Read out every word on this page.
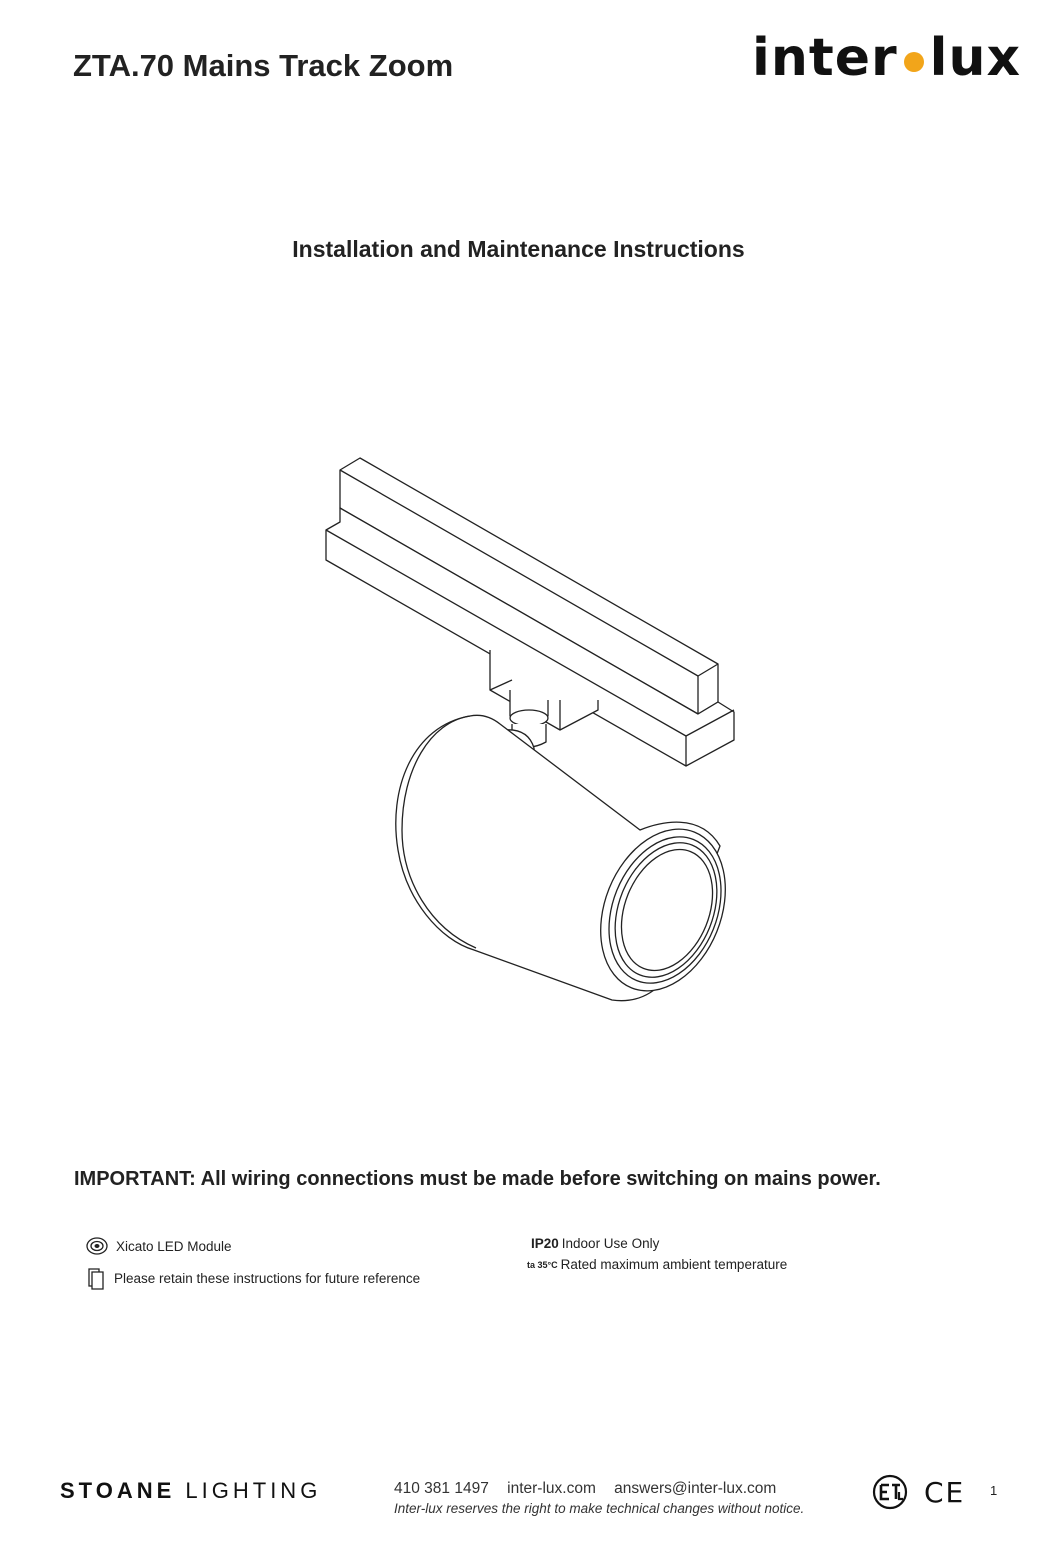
ZTA.70 Mains Track Zoom	inter lux
Installation and Maintenance Instructions
IMPORTANT: All wiring connections must be made before switching on mains power.
Xicato LED Module
Please retain these instructions for future reference
IP20 Indoor Use Only
ta 35°C Rated maximum ambient temperature
STOANE LIGHTING	410 381 1497 inter-lux.com answers@inter-lux.com
Inter-lux reserves the right to make technical changes without notice.	CE 1
